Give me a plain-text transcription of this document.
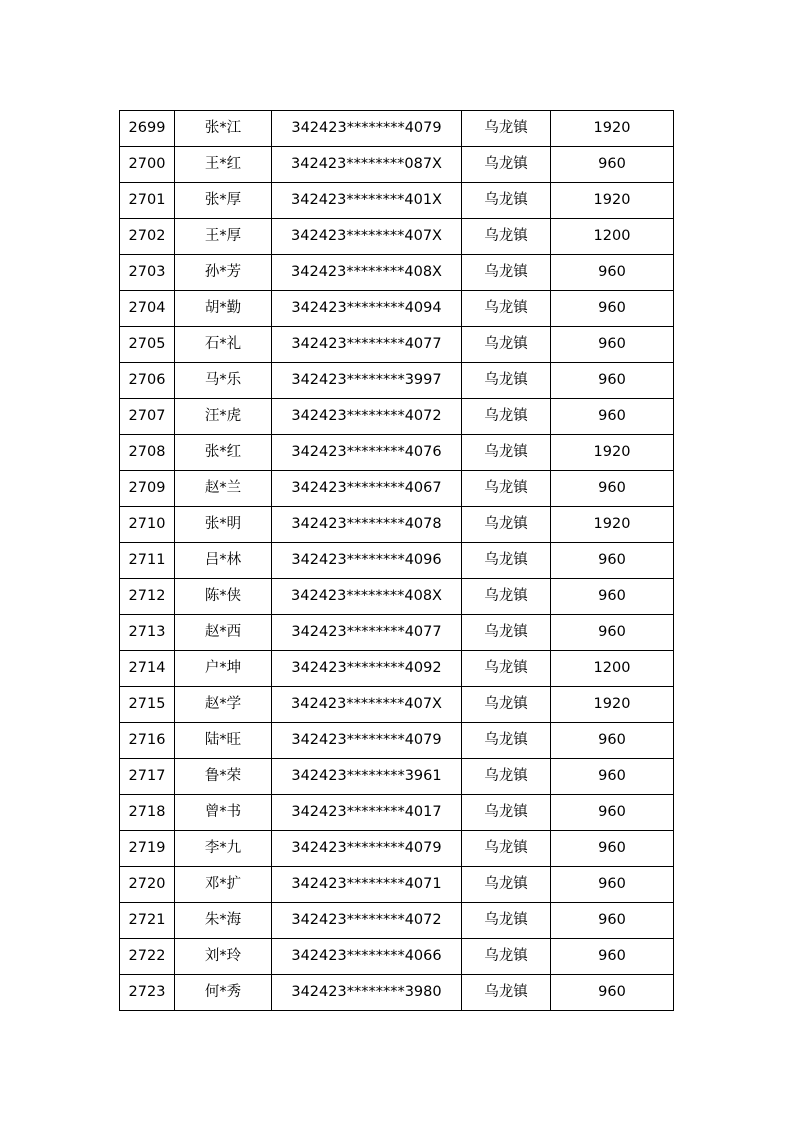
2699	张*江	342423********4079	乌龙镇	1920
2700	王*红	342423********087X	乌龙镇	960
2701	张*厚	342423********401X	乌龙镇	1920
2702	王*厚	342423********407X	乌龙镇	1200
2703	孙*芳	342423********408X	乌龙镇	960
2704	胡*勤	342423********4094	乌龙镇	960
2705	石*礼	342423********4077	乌龙镇	960
2706	马*乐	342423********3997	乌龙镇	960
2707	汪*虎	342423********4072	乌龙镇	960
2708	张*红	342423********4076	乌龙镇	1920
2709	赵*兰	342423********4067	乌龙镇	960
2710	张*明	342423********4078	乌龙镇	1920
2711	吕*林	342423********4096	乌龙镇	960
2712	陈*侠	342423********408X	乌龙镇	960
2713	赵*西	342423********4077	乌龙镇	960
2714	户*坤	342423********4092	乌龙镇	1200
2715	赵*学	342423********407X	乌龙镇	1920
2716	陆*旺	342423********4079	乌龙镇	960
2717	鲁*荣	342423********3961	乌龙镇	960
2718	曾*书	342423********4017	乌龙镇	960
2719	李*九	342423********4079	乌龙镇	960
2720	邓*扩	342423********4071	乌龙镇	960
2721	朱*海	342423********4072	乌龙镇	960
2722	刘*玲	342423********4066	乌龙镇	960
2723	何*秀	342423********3980	乌龙镇	960
